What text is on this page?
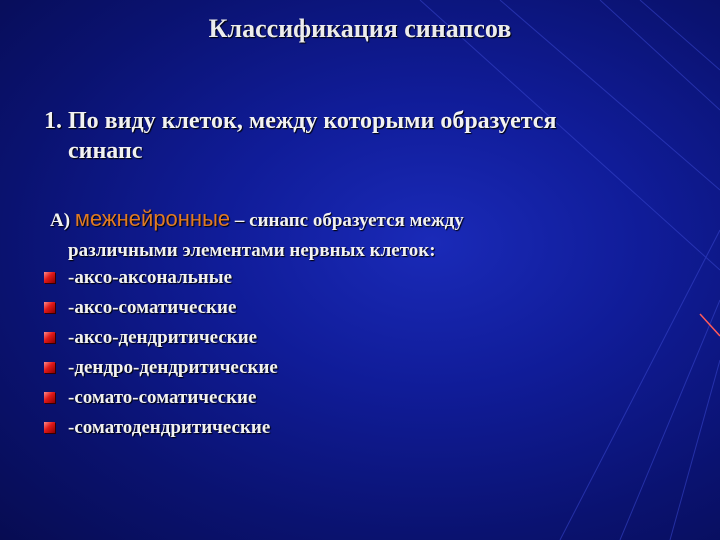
Классификация синапсов
1. По виду клеток, между которыми образуется
синапс
А) межнейронные – синапс образуется между
различными элементами нервных клеток:
-аксо-аксональные
-аксо-соматические
-аксо-дендритические
-дендро-дендритические
-сомато-соматические
-соматодендритические
